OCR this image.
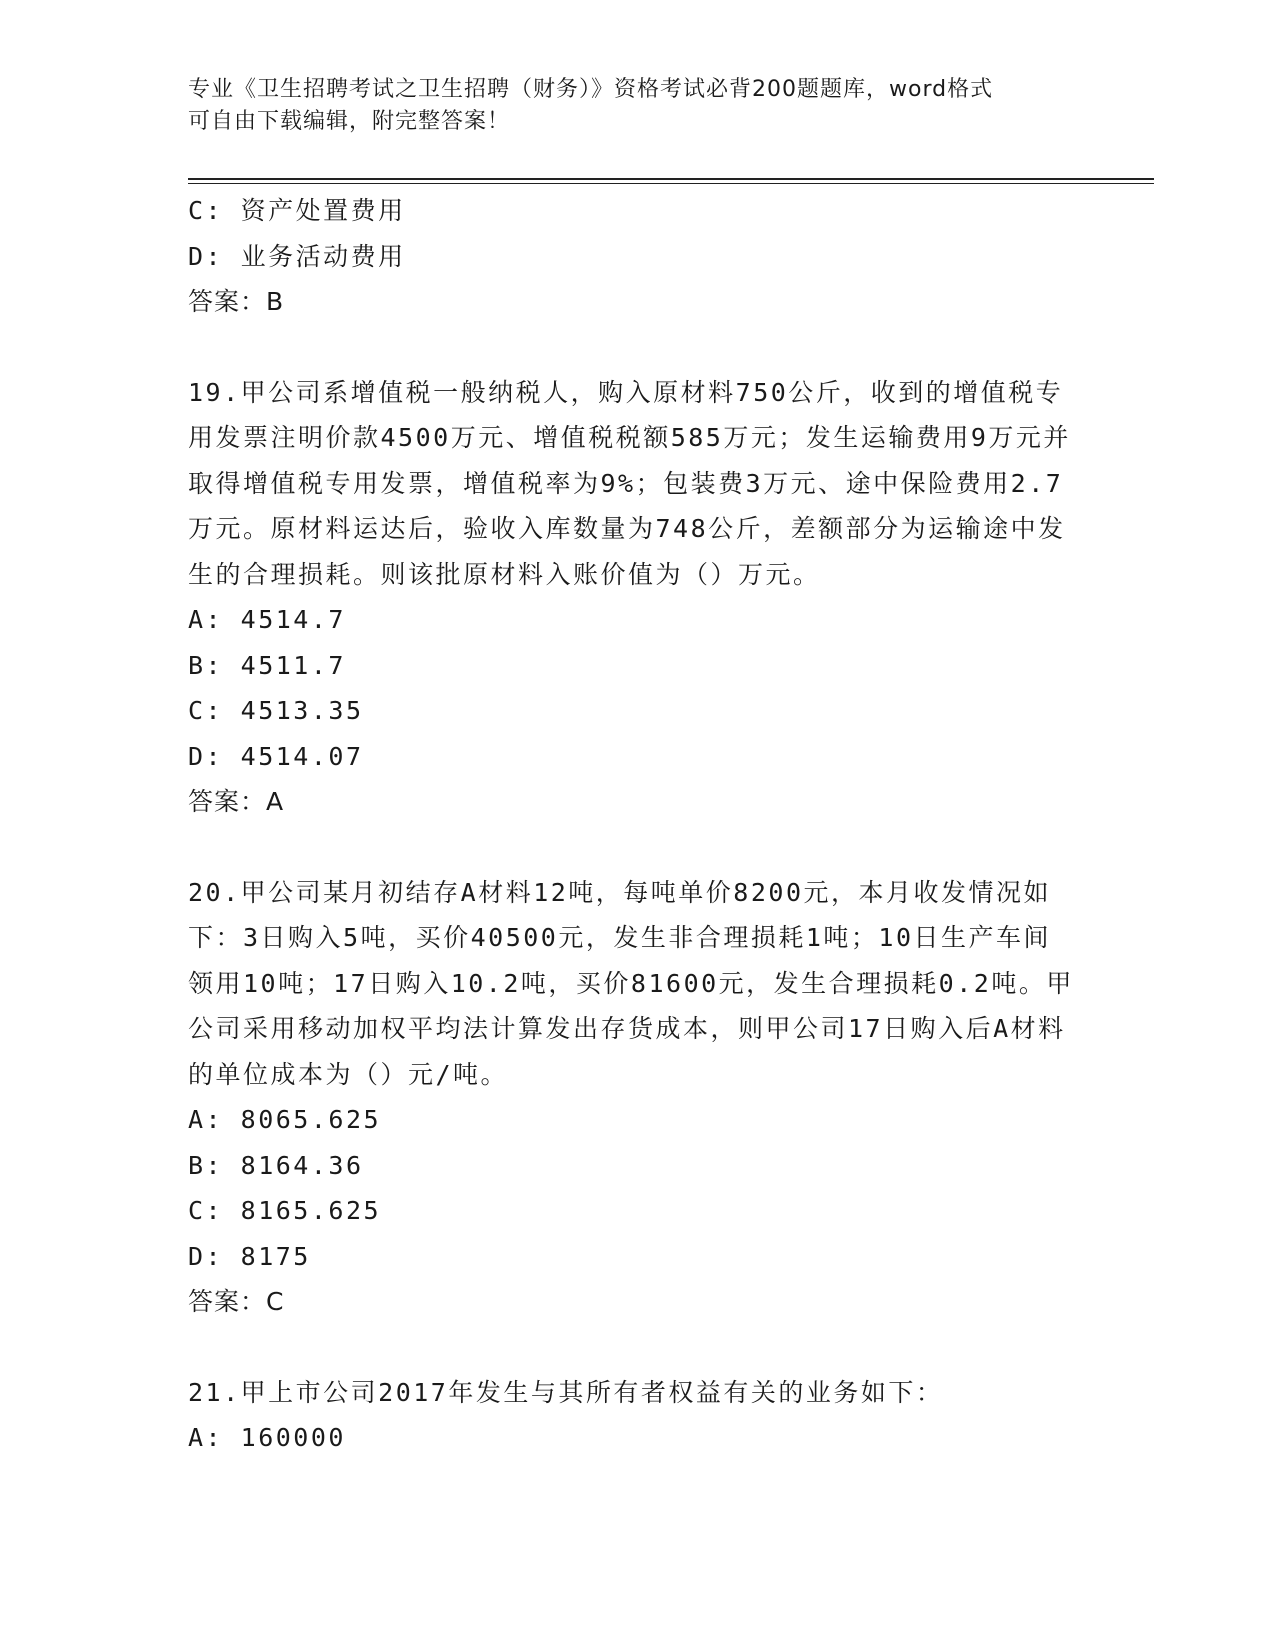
专业《卫生招聘考试之卫生招聘（财务）》资格考试必背200题题库，word格式
可自由下载编辑，附完整答案！
C: 资产处置费用
D: 业务活动费用
答案：B
19.甲公司系增值税一般纳税人，购入原材料750公斤，收到的增值税专用发票注明价款4500万元、增值税税额585万元；发生运输费用9万元并取得增值税专用发票，增值税率为9%；包装费3万元、途中保险费用2.7万元。原材料运达后，验收入库数量为748公斤，差额部分为运输途中发生的合理损耗。则该批原材料入账价值为（）万元。
A: 4514.7
B: 4511.7
C: 4513.35
D: 4514.07
答案：A
20.甲公司某月初结存A材料12吨，每吨单价8200元，本月收发情况如下：3日购入5吨，买价40500元，发生非合理损耗1吨；10日生产车间领用10吨；17日购入10.2吨，买价81600元，发生合理损耗0.2吨。甲公司采用移动加权平均法计算发出存货成本，则甲公司17日购入后A材料的单位成本为（）元/吨。
A: 8065.625
B: 8164.36
C: 8165.625
D: 8175
答案：C
21.甲上市公司2017年发生与其所有者权益有关的业务如下：
A: 160000
